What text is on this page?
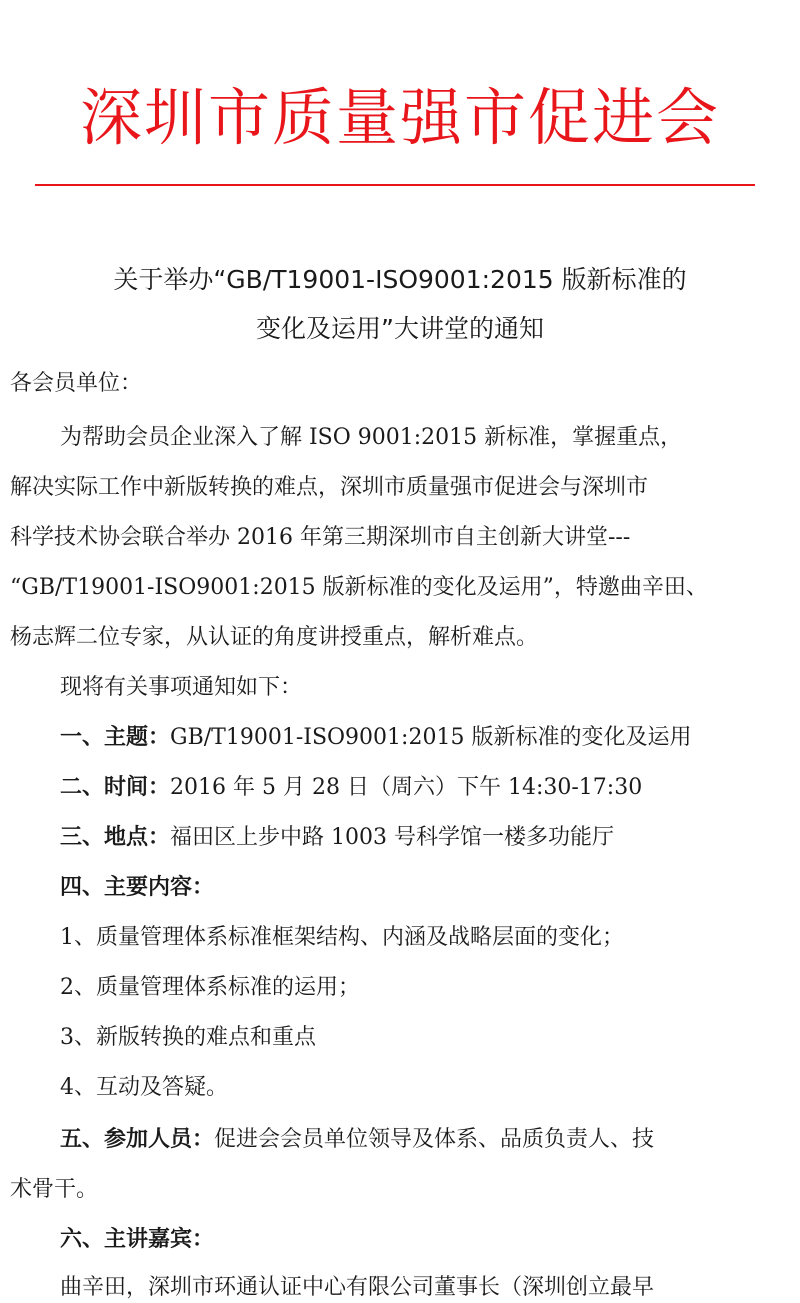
深圳市质量强市促进会
关于举办“GB/T19001-ISO9001:2015 版新标准的
变化及运用”大讲堂的通知
各会员单位：
为帮助会员企业深入了解 ISO 9001:2015 新标准，掌握重点，
解决实际工作中新版转换的难点，深圳市质量强市促进会与深圳市
科学技术协会联合举办 2016 年第三期深圳市自主创新大讲堂---
“GB/T19001-ISO9001:2015 版新标准的变化及运用”，特邀曲辛田、
杨志辉二位专家，从认证的角度讲授重点，解析难点。
现将有关事项通知如下：
一、主题：GB/T19001-ISO9001:2015 版新标准的变化及运用
二、时间：2016 年 5 月 28 日（周六）下午 14:30-17:30
三、地点：福田区上步中路 1003 号科学馆一楼多功能厅
四、主要内容：
1、质量管理体系标准框架结构、内涵及战略层面的变化；
2、质量管理体系标准的运用；
3、新版转换的难点和重点
4、互动及答疑。
五、参加人员：促进会会员单位领导及体系、品质负责人、技
术骨干。
六、主讲嘉宾：
曲辛田，深圳市环通认证中心有限公司董事长（深圳创立最早
